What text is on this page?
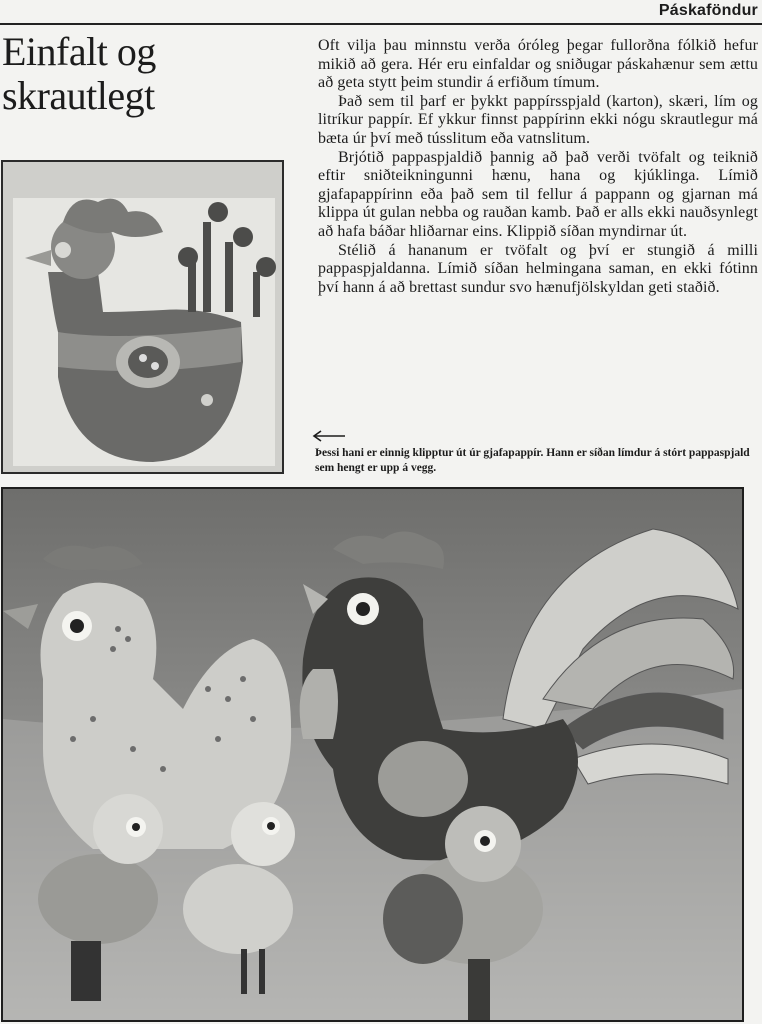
Páskaföndur
Einfalt og skrautlegt

Oft vilja þau minnstu verða óróleg þegar fullorðna fólkið hefur mikið að gera. Hér eru einfaldar og sniðugar páskahænur sem ættu að geta stytt þeim stundir á erfiðum tímum.

Það sem til þarf er þykkt pappírsspjald (karton), skæri, lím og litríkur pappír. Ef ykkur finnst pappírinn ekki nógu skrautlegur má bæta úr því með tússlitum eða vatnslitum.

Brjótið pappaspjaldið þannig að það verði tvöfalt og teiknið eftir sniðteikningunni hænu, hana og kjúklinga. Límið gjafapappírinn eða það sem til fellur á pappann og gjarnan má klippa út gulan nebba og rauðan kamb. Það er alls ekki nauðsynlegt að hafa báðar hliðarnar eins. Klippið síðan myndirnar út.

Stélið á hananum er tvöfalt og því er stungið á milli pappaspjaldanna. Límið síðan helmingana saman, en ekki fótinn því hann á að brettast sundur svo hænufjölskyldan geti staðið.

Þessi hani er einnig klipptur út úr gjafapappír. Hann er síðan límdur á stórt pappaspjald sem hengt er upp á vegg.
